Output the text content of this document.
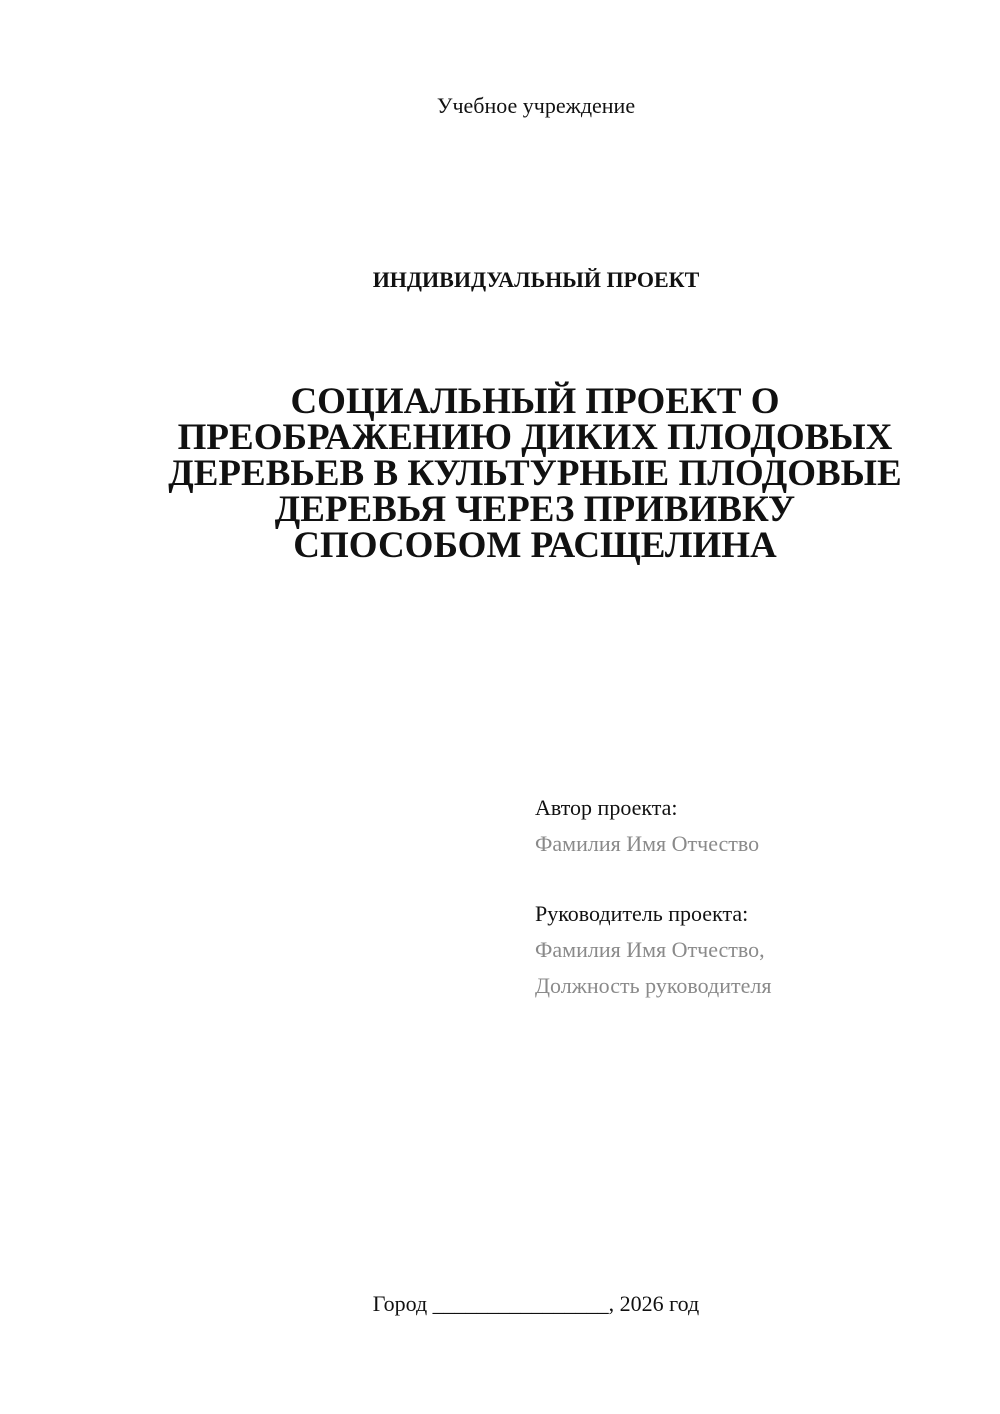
Учебное учреждение
ИНДИВИДУАЛЬНЫЙ ПРОЕКТ
СОЦИАЛЬНЫЙ ПРОЕКТ О
ПРЕОБРАЖЕНИЮ ДИКИХ ПЛОДОВЫХ
ДЕРЕВЬЕВ В КУЛЬТУРНЫЕ ПЛОДОВЫЕ
ДЕРЕВЬЯ ЧЕРЕЗ ПРИВИВКУ
СПОСОБОМ РАСЩЕЛИНА
Автор проекта:
Фамилия Имя Отчество
Руководитель проекта:
Фамилия Имя Отчество,
Должность руководителя
Город ________________, 2026 год
